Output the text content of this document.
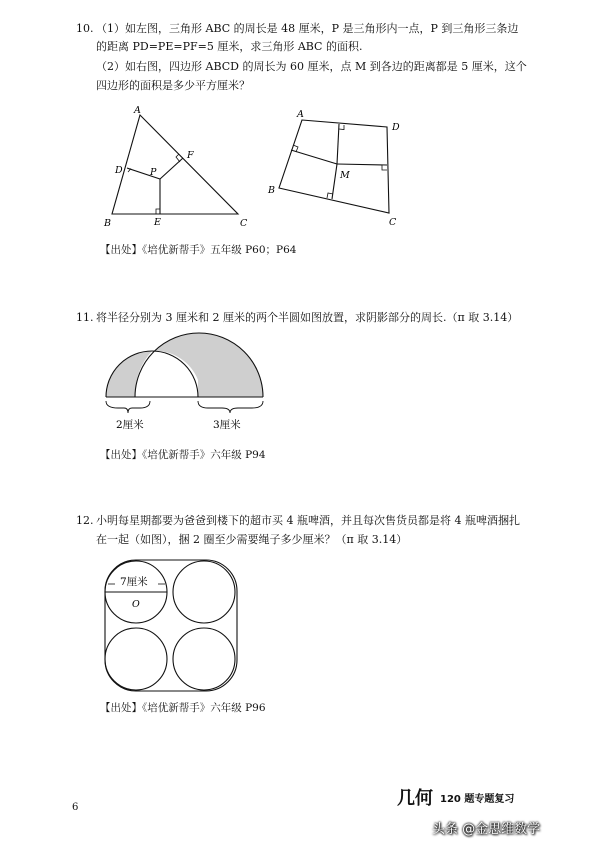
10. （1）如左图，三角形 ABC 的周长是 48 厘米，P 是三角形内一点，P 到三角形三条边
的距离 PD=PE=PF=5 厘米，求三角形 ABC 的面积.
（2）如右图，四边形 ABCD 的周长为 60 厘米，点 M 到各边的距离都是 5 厘米，这个
四边形的面积是多少平方厘米？
A
B	C
D
E
F
P
A
B
C
D
M
2厘米	3厘米
7厘米
O
【出处】《培优新帮手》五年级 P60；P64
11. 将半径分别为 3 厘米和 2 厘米的两个半圆如图放置，求阴影部分的周长.（π 取 3.14）
【出处】《培优新帮手》六年级 P94
12. 小明每星期都要为爸爸到楼下的超市买 4 瓶啤酒，并且每次售货员都是将 4 瓶啤酒捆扎
在一起（如图），捆 2 圈至少需要绳子多少厘米？（π 取 3.14）
【出处】《培优新帮手》六年级 P96
6	几何 120 题专题复习
头条 @金思维数学
